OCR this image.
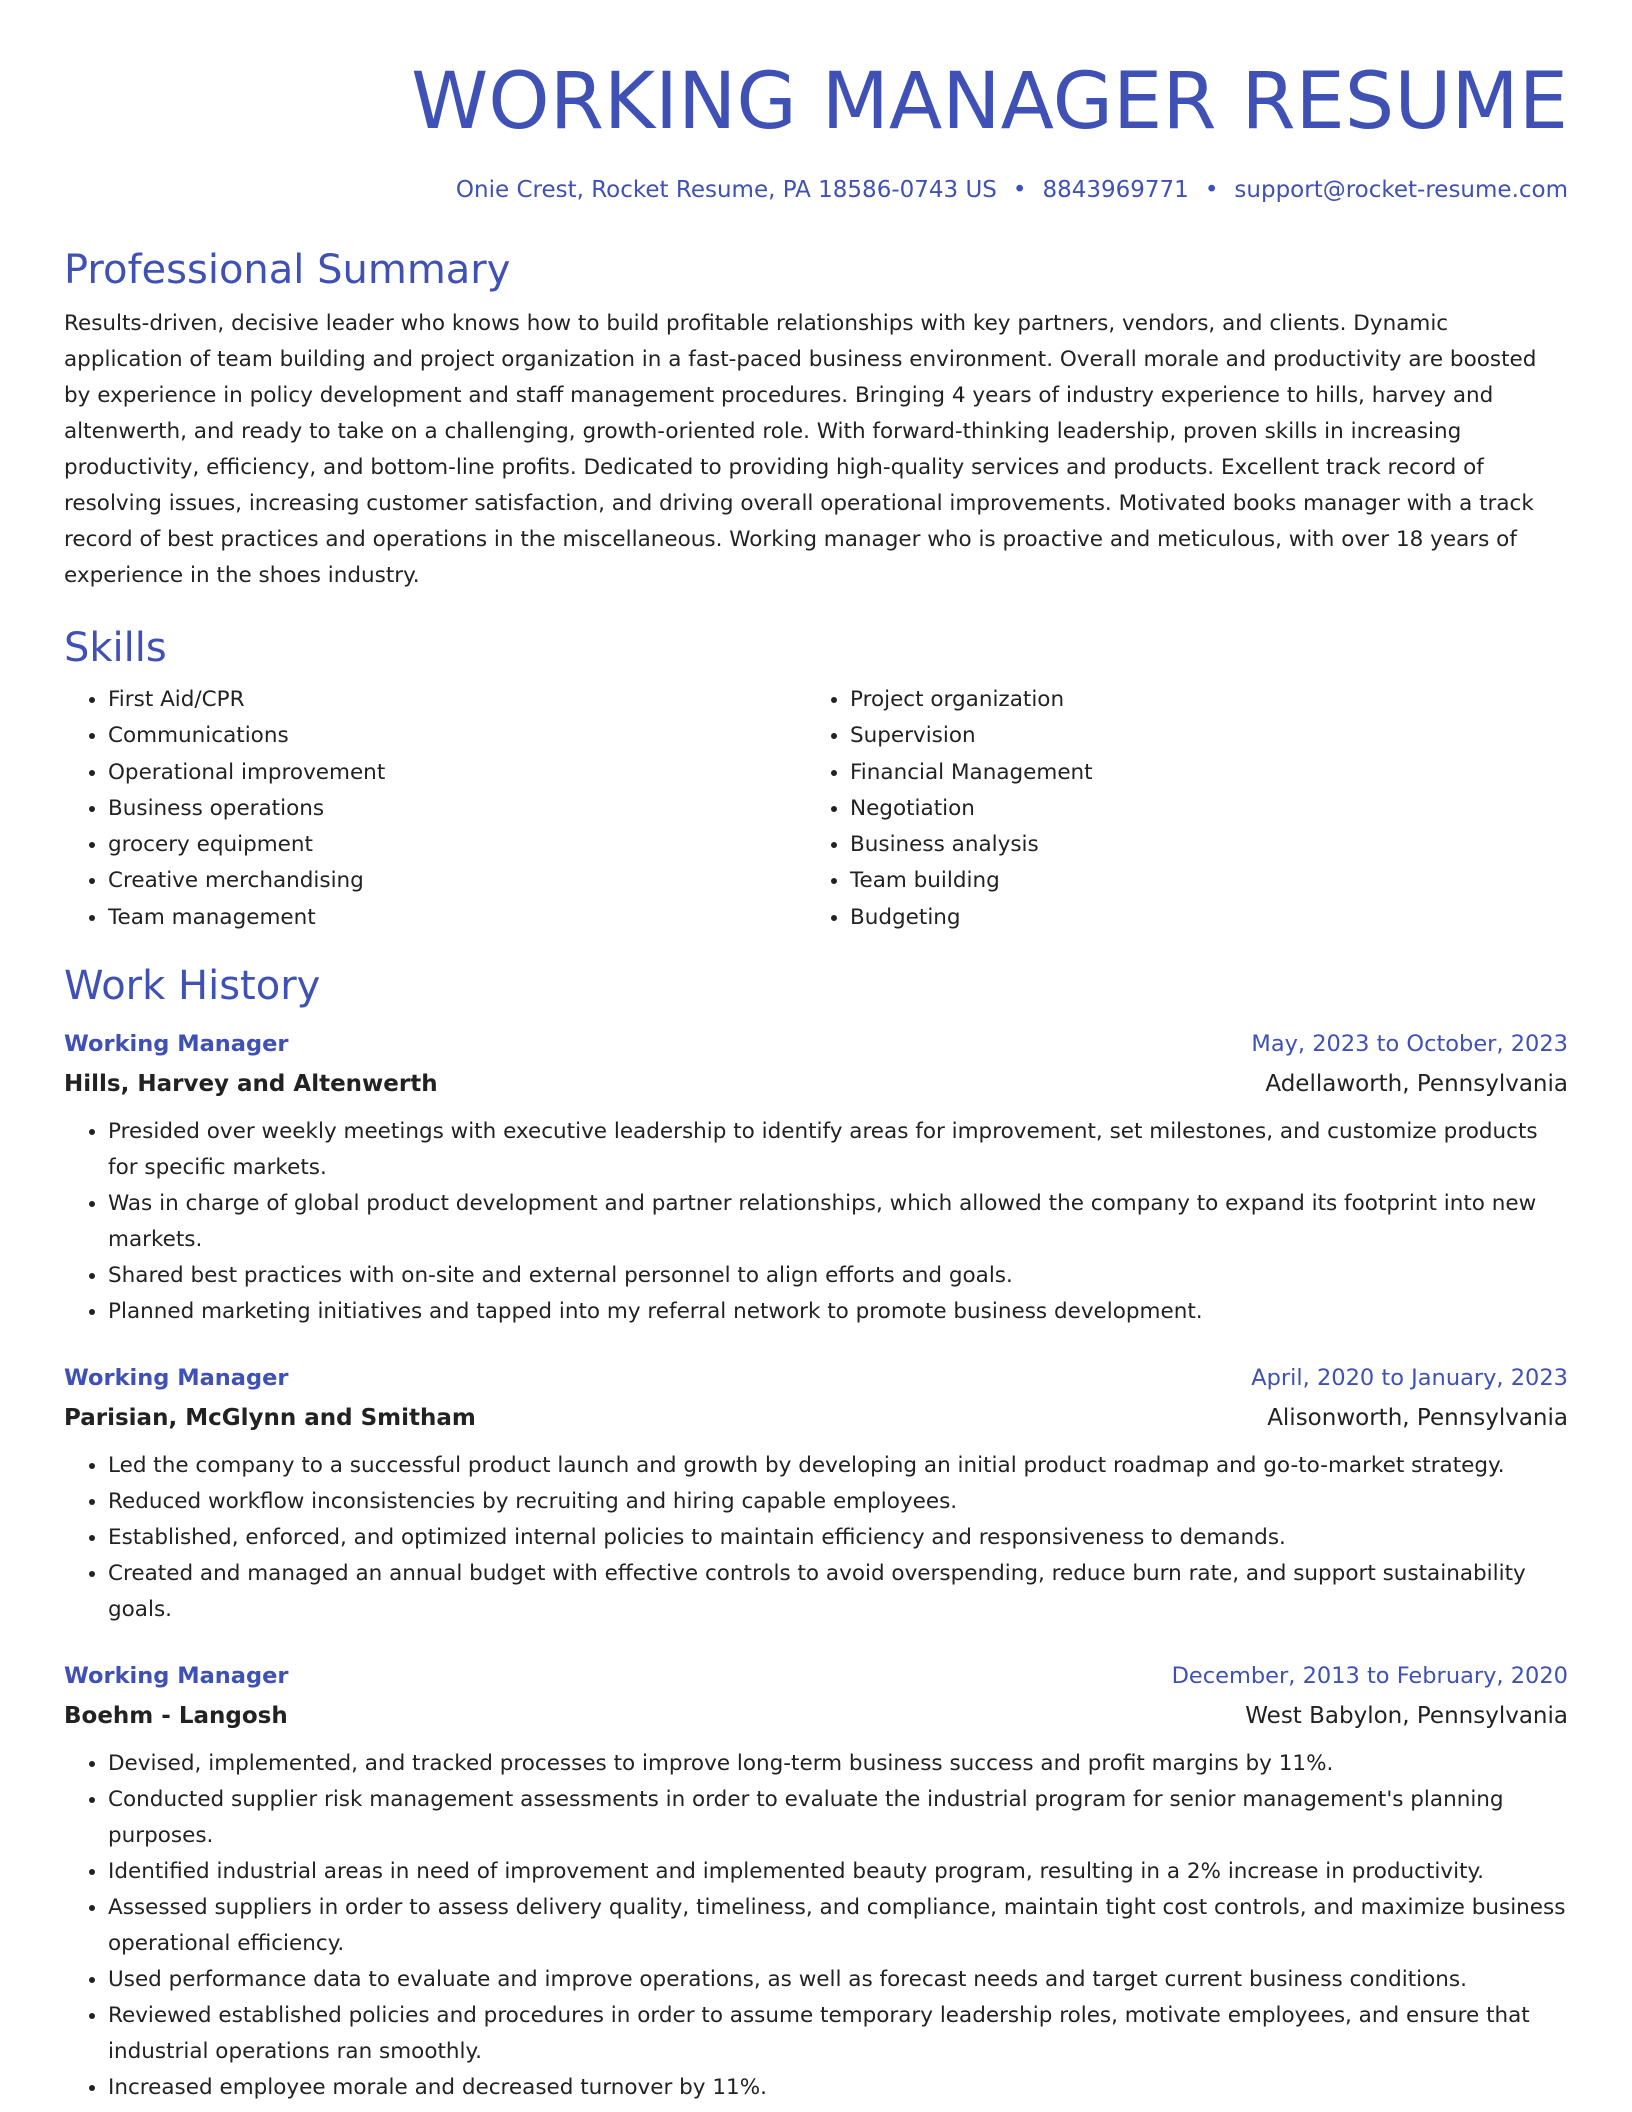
WORKING MANAGER RESUME
Onie Crest, Rocket Resume, PA 18586-0743 US • 8843969771 • support@rocket-resume.com
Professional Summary
Results-driven, decisive leader who knows how to build profitable relationships with key partners, vendors, and clients. Dynamic application of team building and project organization in a fast-paced business environment. Overall morale and productivity are boosted by experience in policy development and staff management procedures. Bringing 4 years of industry experience to hills, harvey and altenwerth, and ready to take on a challenging, growth-oriented role. With forward-thinking leadership, proven skills in increasing productivity, efficiency, and bottom-line profits. Dedicated to providing high-quality services and products. Excellent track record of resolving issues, increasing customer satisfaction, and driving overall operational improvements. Motivated books manager with a track record of best practices and operations in the miscellaneous. Working manager who is proactive and meticulous, with over 18 years of experience in the shoes industry.
Skills
• First Aid/CPR
• Communications
• Operational improvement
• Business operations
• grocery equipment
• Creative merchandising
• Team management
• Project organization
• Supervision
• Financial Management
• Negotiation
• Business analysis
• Team building
• Budgeting
Work History
Working Manager	May, 2023 to October, 2023
Hills, Harvey and Altenwerth	Adellaworth, Pennsylvania
• Presided over weekly meetings with executive leadership to identify areas for improvement, set milestones, and customize products for specific markets.
• Was in charge of global product development and partner relationships, which allowed the company to expand its footprint into new markets.
• Shared best practices with on-site and external personnel to align efforts and goals.
• Planned marketing initiatives and tapped into my referral network to promote business development.
Working Manager	April, 2020 to January, 2023
Parisian, McGlynn and Smitham	Alisonworth, Pennsylvania
• Led the company to a successful product launch and growth by developing an initial product roadmap and go-to-market strategy.
• Reduced workflow inconsistencies by recruiting and hiring capable employees.
• Established, enforced, and optimized internal policies to maintain efficiency and responsiveness to demands.
• Created and managed an annual budget with effective controls to avoid overspending, reduce burn rate, and support sustainability goals.
Working Manager	December, 2013 to February, 2020
Boehm - Langosh	West Babylon, Pennsylvania
• Devised, implemented, and tracked processes to improve long-term business success and profit margins by 11%.
• Conducted supplier risk management assessments in order to evaluate the industrial program for senior management's planning purposes.
• Identified industrial areas in need of improvement and implemented beauty program, resulting in a 2% increase in productivity.
• Assessed suppliers in order to assess delivery quality, timeliness, and compliance, maintain tight cost controls, and maximize business operational efficiency.
• Used performance data to evaluate and improve operations, as well as forecast needs and target current business conditions.
• Reviewed established policies and procedures in order to assume temporary leadership roles, motivate employees, and ensure that industrial operations ran smoothly.
• Increased employee morale and decreased turnover by 11%.
